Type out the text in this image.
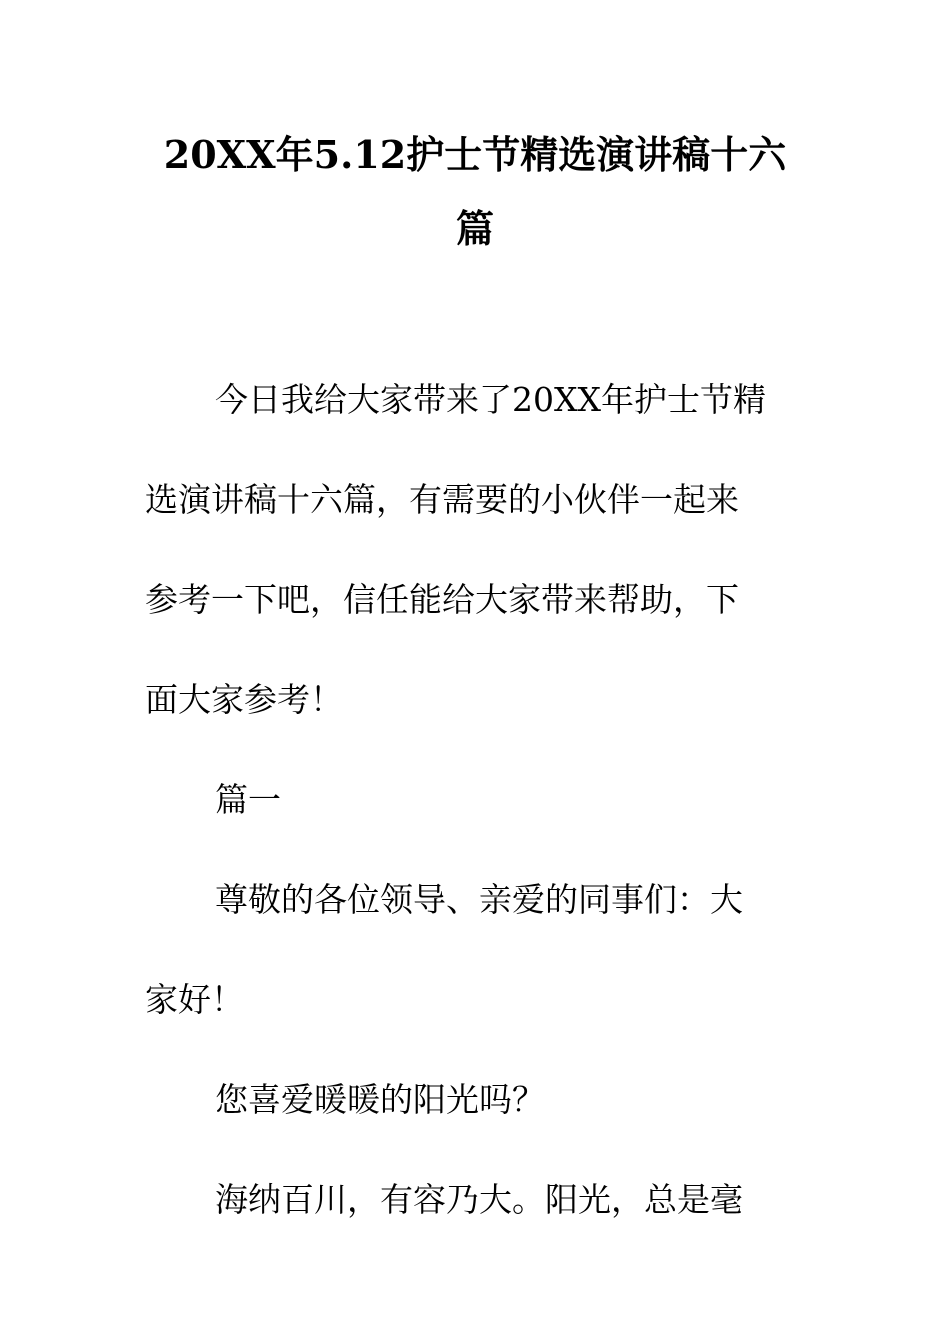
20XX年5.12护士节精选演讲稿十六
篇
今日我给大家带来了20XX年护士节精
选演讲稿十六篇，有需要的小伙伴一起来
参考一下吧，信任能给大家带来帮助，下
面大家参考！
篇一
尊敬的各位领导、亲爱的同事们：大
家好！
您喜爱暖暖的阳光吗？
海纳百川，有容乃大。阳光，总是毫
